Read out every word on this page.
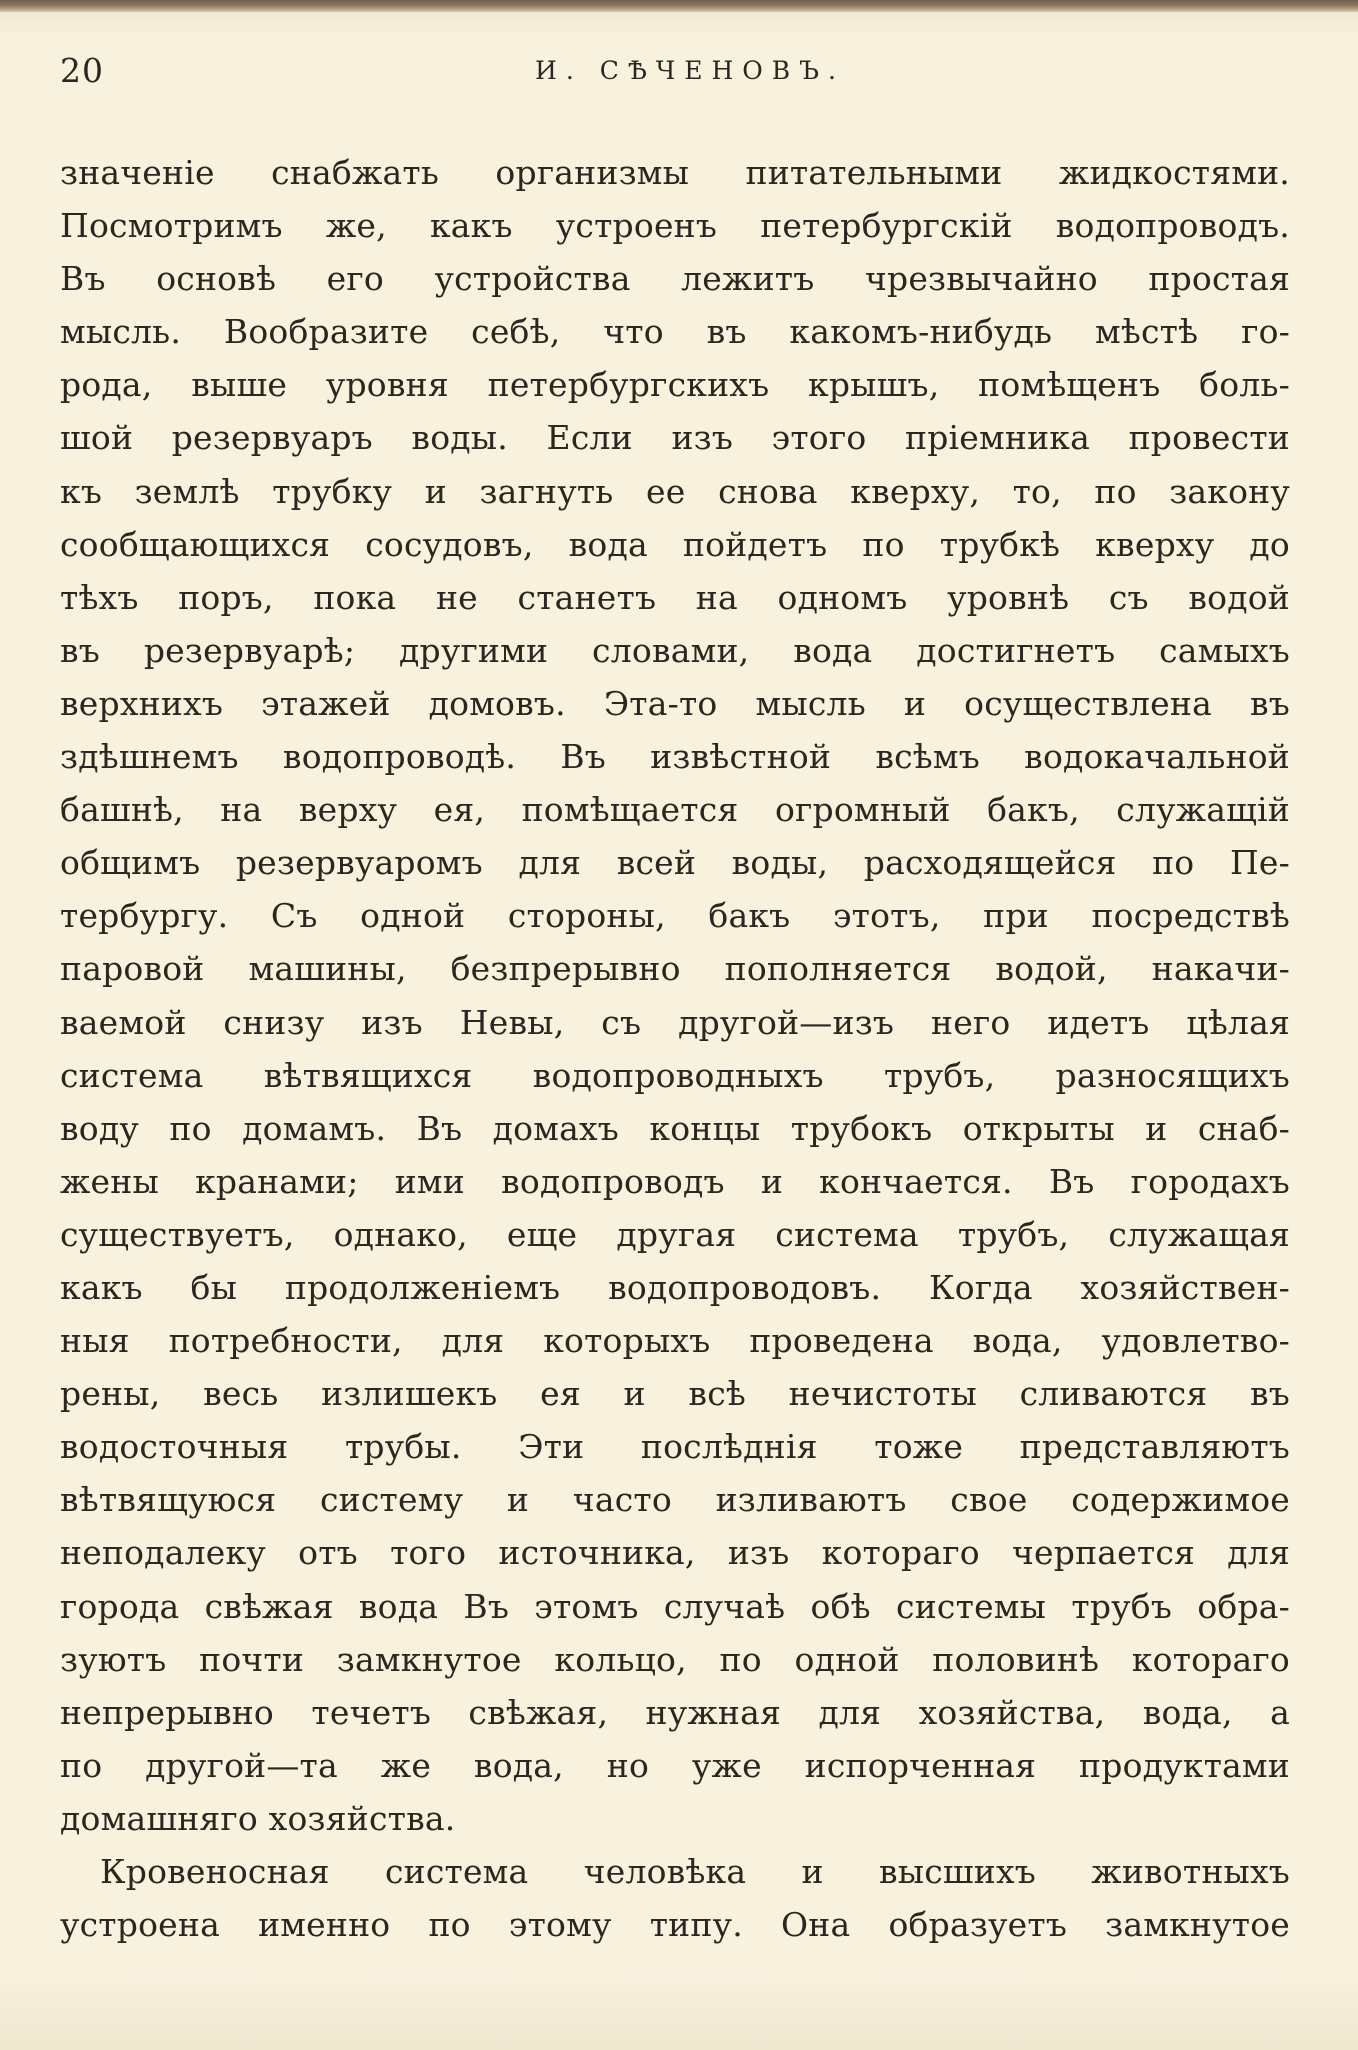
20	И. СѢЧЕНОВЪ.
значеніе снабжать организмы питательными жидкостями.
Посмотримъ же, какъ устроенъ петербургскій водопроводъ.
Въ основѣ его устройства лежитъ чрезвычайно простая
мысль. Вообразите себѣ, что въ какомъ-нибудь мѣстѣ го-
рода, выше уровня петербургскихъ крышъ, помѣщенъ боль-
шой резервуаръ воды. Если изъ этого пріемника провести
къ землѣ трубку и загнуть ее снова кверху, то, по закону
сообщающихся сосудовъ, вода пойдетъ по трубкѣ кверху до
тѣхъ поръ, пока не станетъ на одномъ уровнѣ съ водой
въ резервуарѣ; другими словами, вода достигнетъ самыхъ
верхнихъ этажей домовъ. Эта-то мысль и осуществлена въ
здѣшнемъ водопроводѣ. Въ извѣстной всѣмъ водокачальной
башнѣ, на верху ея, помѣщается огромный бакъ, служащій
общимъ резервуаромъ для всей воды, расходящейся по Пе-
тербургу. Съ одной стороны, бакъ этотъ, при посредствѣ
паровой машины, безпрерывно пополняется водой, накачи-
ваемой снизу изъ Невы, съ другой—изъ него идетъ цѣлая
система вѣтвящихся водопроводныхъ трубъ, разносящихъ
воду по домамъ. Въ домахъ концы трубокъ открыты и снаб-
жены кранами; ими водопроводъ и кончается. Въ городахъ
существуетъ, однако, еще другая система трубъ, служащая
какъ бы продолженіемъ водопроводовъ. Когда хозяйствен-
ныя потребности, для которыхъ проведена вода, удовлетво-
рены, весь излишекъ ея и всѣ нечистоты сливаются въ
водосточныя трубы. Эти послѣднія тоже представляютъ
вѣтвящуюся систему и часто изливаютъ свое содержимое
неподалеку отъ того источника, изъ котораго черпается для
города свѣжая вода Въ этомъ случаѣ обѣ системы трубъ обра-
зуютъ почти замкнутое кольцо, по одной половинѣ котораго
непрерывно течетъ свѣжая, нужная для хозяйства, вода, а
по другой—та же вода, но уже испорченная продуктами
домашняго хозяйства.
Кровеносная система человѣка и высшихъ животныхъ
устроена именно по этому типу. Она образуетъ замкнутое
